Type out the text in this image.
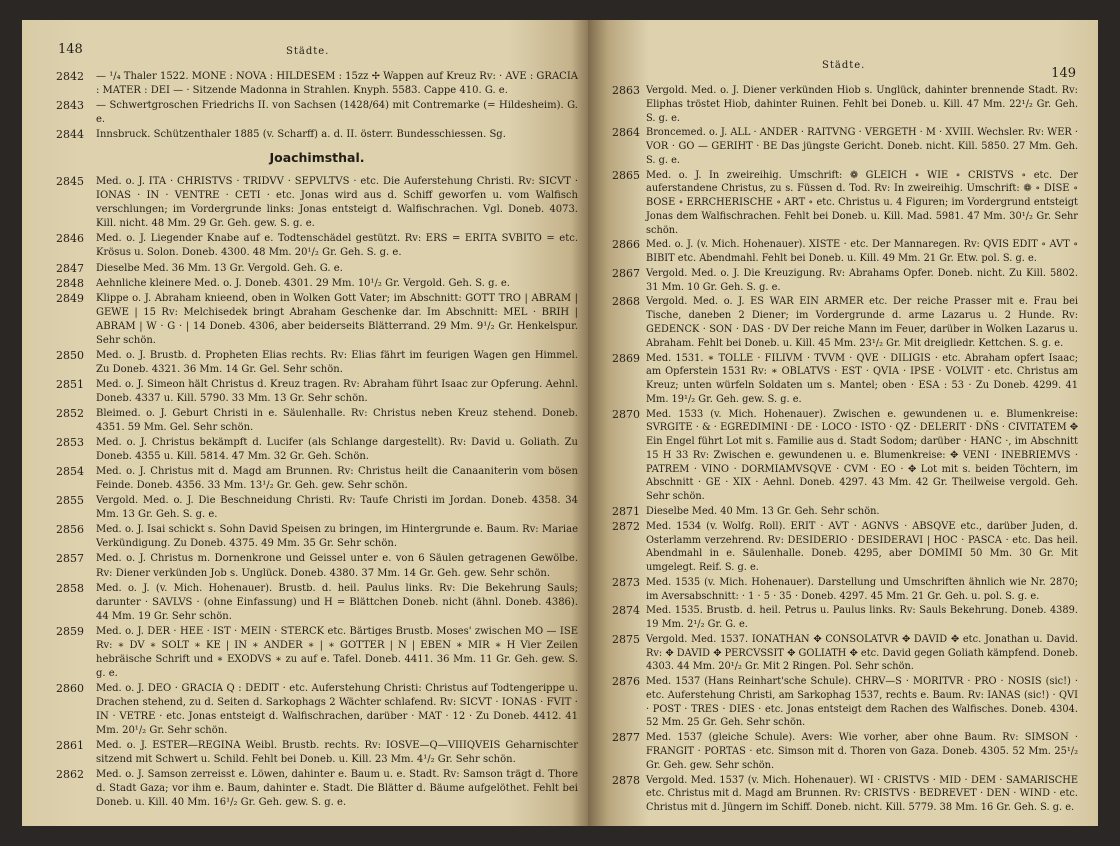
148	Städte.
2842 — ¹/₄ Thaler 1522. MONE : NOVA : HILDESEM : 15zz ✢ Wappen auf Kreuz Rv: · AVE : GRACIA : MATER : DEI — · Sitzende Madonna in Strahlen. Knyph. 5583. Cappe 410. G. e.

2843 — Schwertgroschen Friedrichs II. von Sachsen (1428/64) mit Contremarke (= Hildesheim). G. e.

2844 Innsbruck. Schützenthaler 1885 (v. Scharff) a. d. II. österr. Bundesschiessen. Sg.

Joachimsthal.
2845 Med. o. J. ITA · CHRISTVS · TRIDVV · SEPVLTVS · etc. Die Auferstehung Christi. Rv: SICVT · IONAS · IN · VENTRE · CETI · etc. Jonas wird aus d. Schiff geworfen u. vom Walfisch verschlungen; im Vordergrunde links: Jonas entsteigt d. Walfischrachen. Vgl. Doneb. 4073. Kill. nicht. 48 Mm. 29 Gr. Geh. gew. S. g. e.

2846 Med. o. J. Liegender Knabe auf e. Todtenschädel gestützt. Rv: ERS = ERITA SVBITO = etc. Krösus u. Solon. Doneb. 4300. 48 Mm. 20¹/₂ Gr. Geh. S. g. e.

2847 Dieselbe Med. 36 Mm. 13 Gr. Vergold. Geh. G. e.

2848 Aehnliche kleinere Med. o. J. Doneb. 4301. 29 Mm. 10¹/₂ Gr. Vergold. Geh. S. g. e.

2849 Klippe o. J. Abraham knieend, oben in Wolken Gott Vater; im Abschnitt: GOTT TRO | ABRAM | GEWE | 15 Rv: Melchisedek bringt Abraham Geschenke dar. Im Abschnitt: MEL · BRIH | ABRAM | W · G · | 14 Doneb. 4306, aber beiderseits Blätterrand. 29 Mm. 9¹/₂ Gr. Henkelspur. Sehr schön.

2850 Med. o. J. Brustb. d. Propheten Elias rechts. Rv: Elias fährt im feurigen Wagen gen Himmel. Zu Doneb. 4321. 36 Mm. 14 Gr. Gel. Sehr schön.

2851 Med. o. J. Simeon hält Christus d. Kreuz tragen. Rv: Abraham führt Isaac zur Opferung. Aehnl. Doneb. 4337 u. Kill. 5790. 33 Mm. 13 Gr. Sehr schön.

2852 Bleimed. o. J. Geburt Christi in e. Säulenhalle. Rv: Christus neben Kreuz stehend. Doneb. 4351. 59 Mm. Gel. Sehr schön.

2853 Med. o. J. Christus bekämpft d. Lucifer (als Schlange dargestellt). Rv: David u. Goliath. Zu Doneb. 4355 u. Kill. 5814. 47 Mm. 32 Gr. Geh. Schön.

2854 Med. o. J. Christus mit d. Magd am Brunnen. Rv: Christus heilt die Canaaniterin vom bösen Feinde. Doneb. 4356. 33 Mm. 13¹/₂ Gr. Geh. gew. Sehr schön.

2855 Vergold. Med. o. J. Die Beschneidung Christi. Rv: Taufe Christi im Jordan. Doneb. 4358. 34 Mm. 13 Gr. Geh. S. g. e.

2856 Med. o. J. Isai schickt s. Sohn David Speisen zu bringen, im Hintergrunde e. Baum. Rv: Mariae Verkündigung. Zu Doneb. 4375. 49 Mm. 35 Gr. Sehr schön.

2857 Med. o. J. Christus m. Dornenkrone und Geissel unter e. von 6 Säulen getragenen Gewölbe. Rv: Diener verkünden Job s. Unglück. Doneb. 4380. 37 Mm. 14 Gr. Geh. gew. Sehr schön.

2858 Med. o. J. (v. Mich. Hohenauer). Brustb. d. heil. Paulus links. Rv: Die Bekehrung Sauls; darunter · SAVLVS · (ohne Einfassung) und H = Blättchen Doneb. nicht (ähnl. Doneb. 4386). 44 Mm. 19 Gr. Sehr schön.

2859 Med. o. J. DER · HEE · IST · MEIN · STERCK etc. Bärtiges Brustb. Moses' zwischen MO — ISE Rv: ∗ DV ∗ SOLT ∗ KE | IN ∗ ANDER ∗ | ∗ GOTTER | N | EBEN ∗ MIR ∗ H Vier Zeilen hebräische Schrift und ∗ EXODVS ∗ zu auf e. Tafel. Doneb. 4411. 36 Mm. 11 Gr. Geh. gew. S. g. e.

2860 Med. o. J. DEO · GRACIA Q : DEDIT · etc. Auferstehung Christi: Christus auf Todtengerippe u. Drachen stehend, zu d. Seiten d. Sarkophags 2 Wächter schlafend. Rv: SICVT · IONAS · FVIT · IN · VETRE · etc. Jonas entsteigt d. Walfischrachen, darüber · MAT · 12 · Zu Doneb. 4412. 41 Mm. 20¹/₂ Gr. Sehr schön.

2861 Med. o. J. ESTER—REGINA Weibl. Brustb. rechts. Rv: IOSVE—Q—VIIIQVEIS Geharnischter sitzend mit Schwert u. Schild. Fehlt bei Doneb. u. Kill. 23 Mm. 4¹/₂ Gr. Sehr schön.

2862 Med. o. J. Samson zerreisst e. Löwen, dahinter e. Baum u. e. Stadt. Rv: Samson trägt d. Thore d. Stadt Gaza; vor ihm e. Baum, dahinter e. Stadt. Die Blätter d. Bäume aufgelöthet. Fehlt bei Doneb. u. Kill. 40 Mm. 16¹/₂ Gr. Geh. gew. S. g. e.

Städte.
149
2863 Vergold. Med. o. J. Diener verkünden Hiob s. Unglück, dahinter brennende Stadt. Rv: Eliphas tröstet Hiob, dahinter Ruinen. Fehlt bei Doneb. u. Kill. 47 Mm. 22¹/₂ Gr. Geh. S. g. e.

2864 Broncemed. o. J. ALL · ANDER · RAITVNG · VERGETH · M · XVIII. Wechsler. Rv: WER · VOR · GO — GERIHT · BE Das jüngste Gericht. Doneb. nicht. Kill. 5850. 27 Mm. Geh. S. g. e.

2865 Med. o. J. In zweireihig. Umschrift: ❁ GLEICH ∘ WIE ∘ CRISTVS ∘ etc. Der auferstandene Christus, zu s. Füssen d. Tod. Rv: In zweireihig. Umschrift: ❁ ∘ DISE ∘ BOSE ∘ ERRCHERISCHE ∘ ART ∘ etc. Christus u. 4 Figuren; im Vordergrund entsteigt Jonas dem Walfischrachen. Fehlt bei Doneb. u. Kill. Mad. 5981. 47 Mm. 30¹/₂ Gr. Sehr schön.

2866 Med. o. J. (v. Mich. Hohenauer). XISTE · etc. Der Mannaregen. Rv: QVIS EDIT ∘ AVT ∘ BIBIT etc. Abendmahl. Fehlt bei Doneb. u. Kill. 49 Mm. 21 Gr. Etw. pol. S. g. e.

2867 Vergold. Med. o. J. Die Kreuzigung. Rv: Abrahams Opfer. Doneb. nicht. Zu Kill. 5802. 31 Mm. 10 Gr. Geh. S. g. e.

2868 Vergold. Med. o. J. ES WAR EIN ARMER etc. Der reiche Prasser mit e. Frau bei Tische, daneben 2 Diener; im Vordergrunde d. arme Lazarus u. 2 Hunde. Rv: GEDENCK · SON · DAS · DV Der reiche Mann im Feuer, darüber in Wolken Lazarus u. Abraham. Fehlt bei Doneb. u. Kill. 45 Mm. 23¹/₂ Gr. Mit dreigliedr. Kettchen. S. g. e.

2869 Med. 1531. ∗ TOLLE · FILIVM · TVVM · QVE · DILIGIS · etc. Abraham opfert Isaac; am Opferstein 1531 Rv: ∗ OBLATVS · EST · QVIA · IPSE · VOLVIT · etc. Christus am Kreuz; unten würfeln Soldaten um s. Mantel; oben · ESA : 53 · Zu Doneb. 4299. 41 Mm. 19¹/₂ Gr. Geh. gew. S. g. e.

2870 Med. 1533 (v. Mich. Hohenauer). Zwischen e. gewundenen u. e. Blumenkreise: SVRGITE · & · EGREDIMINI · DE · LOCO · ISTO · QZ · DELERIT · DÑS · CIVITATEM ✥ Ein Engel führt Lot mit s. Familie aus d. Stadt Sodom; darüber · HANC ·, im Abschnitt 15 H 33 Rv: Zwischen e. gewundenen u. e. Blumenkreise: ✥ VENI · INEBRIEMVS · PATREM · VINO · DORMIAMVSQVE · CVM · EO · ✥ Lot mit s. beiden Töchtern, im Abschnitt · GE · XIX · Aehnl. Doneb. 4297. 43 Mm. 42 Gr. Theilweise vergold. Geh. Sehr schön.

2871 Dieselbe Med. 40 Mm. 13 Gr. Geh. Sehr schön.

2872 Med. 1534 (v. Wolfg. Roll). ERIT · AVT · AGNVS · ABSQVE etc., darüber Juden, d. Osterlamm verzehrend. Rv: DESIDERIO · DESIDERAVI | HOC · PASCA · etc. Das heil. Abendmahl in e. Säulenhalle. Doneb. 4295, aber DOMIMI 50 Mm. 30 Gr. Mit umgelegt. Reif. S. g. e.

2873 Med. 1535 (v. Mich. Hohenauer). Darstellung und Umschriften ähnlich wie Nr. 2870; im Aversabschnitt: · 1 · 5 · 35 · Doneb. 4297. 45 Mm. 21 Gr. Geh. u. pol. S. g. e.

2874 Med. 1535. Brustb. d. heil. Petrus u. Paulus links. Rv: Sauls Bekehrung. Doneb. 4389. 19 Mm. 2¹/₂ Gr. G. e.

2875 Vergold. Med. 1537. IONATHAN ✥ CONSOLATVR ✥ DAVID ✥ etc. Jonathan u. David. Rv: ✥ DAVID ✥ PERCVSSIT ✥ GOLIATH ✥ etc. David gegen Goliath kämpfend. Doneb. 4303. 44 Mm. 20¹/₂ Gr. Mit 2 Ringen. Pol. Sehr schön.

2876 Med. 1537 (Hans Reinhart'sche Schule). CHRV—S · MORITVR · PRO · NOSIS (sic!) · etc. Auferstehung Christi, am Sarkophag 1537, rechts e. Baum. Rv: IANAS (sic!) · QVI · POST · TRES · DIES · etc. Jonas entsteigt dem Rachen des Walfisches. Doneb. 4304. 52 Mm. 25 Gr. Geh. Sehr schön.

2877 Med. 1537 (gleiche Schule). Avers: Wie vorher, aber ohne Baum. Rv: SIMSON · FRANGIT · PORTAS · etc. Simson mit d. Thoren von Gaza. Doneb. 4305. 52 Mm. 25¹/₂ Gr. Geh. gew. Sehr schön.

2878 Vergold. Med. 1537 (v. Mich. Hohenauer). WI · CRISTVS · MID · DEM · SAMARISCHE etc. Christus mit d. Magd am Brunnen. Rv: CRISTVS · BEDREVET · DEN · WIND · etc. Christus mit d. Jüngern im Schiff. Doneb. nicht. Kill. 5779. 38 Mm. 16 Gr. Geh. S. g. e.
